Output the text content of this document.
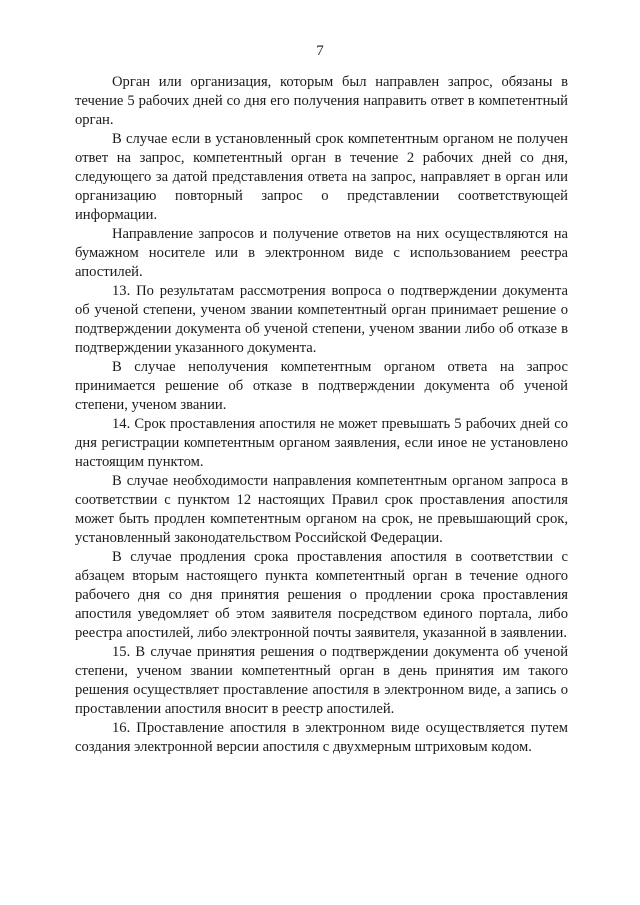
7

Орган или организация, которым был направлен запрос, обязаны в течение 5 рабочих дней со дня его получения направить ответ в компетентный орган.

В случае если в установленный срок компетентным органом не получен ответ на запрос, компетентный орган в течение 2 рабочих дней со дня, следующего за датой представления ответа на запрос, направляет в орган или организацию повторный запрос о представлении соответствующей информации.

Направление запросов и получение ответов на них осуществляются на бумажном носителе или в электронном виде с использованием реестра апостилей.

13. По результатам рассмотрения вопроса о подтверждении документа об ученой степени, ученом звании компетентный орган принимает решение о подтверждении документа об ученой степени, ученом звании либо об отказе в подтверждении указанного документа.

В случае неполучения компетентным органом ответа на запрос принимается решение об отказе в подтверждении документа об ученой степени, ученом звании.

14. Срок проставления апостиля не может превышать 5 рабочих дней со дня регистрации компетентным органом заявления, если иное не установлено настоящим пунктом.

В случае необходимости направления компетентным органом запроса в соответствии с пунктом 12 настоящих Правил срок проставления апостиля может быть продлен компетентным органом на срок, не превышающий срок, установленный законодательством Российской Федерации.

В случае продления срока проставления апостиля в соответствии с абзацем вторым настоящего пункта компетентный орган в течение одного рабочего дня со дня принятия решения о продлении срока проставления апостиля уведомляет об этом заявителя посредством единого портала, либо реестра апостилей, либо электронной почты заявителя, указанной в заявлении.

15. В случае принятия решения о подтверждении документа об ученой степени, ученом звании компетентный орган в день принятия им такого решения осуществляет проставление апостиля в электронном виде, а запись о проставлении апостиля вносит в реестр апостилей.

16. Проставление апостиля в электронном виде осуществляется путем создания электронной версии апостиля с двухмерным штриховым кодом.
